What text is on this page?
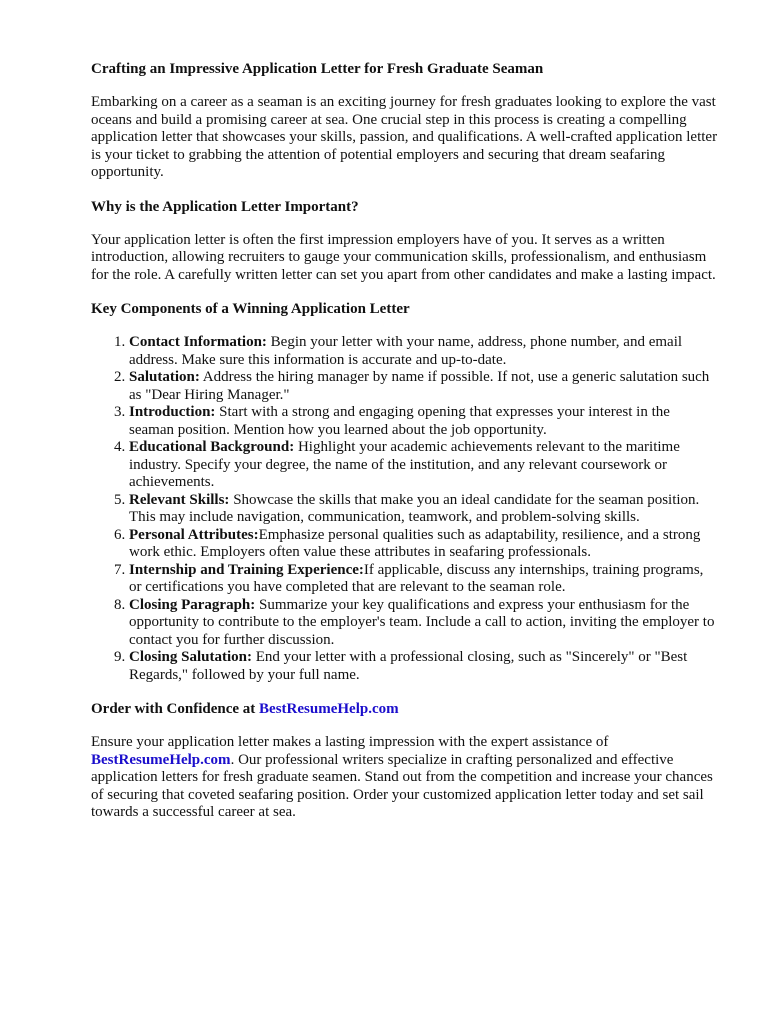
Crafting an Impressive Application Letter for Fresh Graduate Seaman

Embarking on a career as a seaman is an exciting journey for fresh graduates looking to explore the vast oceans and build a promising career at sea. One crucial step in this process is creating a compelling application letter that showcases your skills, passion, and qualifications. A well-crafted application letter is your ticket to grabbing the attention of potential employers and securing that dream seafaring opportunity.

Why is the Application Letter Important?

Your application letter is often the first impression employers have of you. It serves as a written introduction, allowing recruiters to gauge your communication skills, professionalism, and enthusiasm for the role. A carefully written letter can set you apart from other candidates and make a lasting impact.

Key Components of a Winning Application Letter
1. Contact Information: Begin your letter with your name, address, phone number, and email address. Make sure this information is accurate and up-to-date.
2. Salutation: Address the hiring manager by name if possible. If not, use a generic salutation such as "Dear Hiring Manager."
3. Introduction: Start with a strong and engaging opening that expresses your interest in the seaman position. Mention how you learned about the job opportunity.
4. Educational Background: Highlight your academic achievements relevant to the maritime industry. Specify your degree, the name of the institution, and any relevant coursework or achievements.
5. Relevant Skills: Showcase the skills that make you an ideal candidate for the seaman position. This may include navigation, communication, teamwork, and problem-solving skills.
6. Personal Attributes:Emphasize personal qualities such as adaptability, resilience, and a strong work ethic. Employers often value these attributes in seafaring professionals.
7. Internship and Training Experience:If applicable, discuss any internships, training programs, or certifications you have completed that are relevant to the seaman role.
8. Closing Paragraph: Summarize your key qualifications and express your enthusiasm for the opportunity to contribute to the employer's team. Include a call to action, inviting the employer to contact you for further discussion.
9. Closing Salutation: End your letter with a professional closing, such as "Sincerely" or "Best Regards," followed by your full name.
Order with Confidence at BestResumeHelp.com

Ensure your application letter makes a lasting impression with the expert assistance of BestResumeHelp.com. Our professional writers specialize in crafting personalized and effective application letters for fresh graduate seamen. Stand out from the competition and increase your chances of securing that coveted seafaring position. Order your customized application letter today and set sail towards a successful career at sea.
